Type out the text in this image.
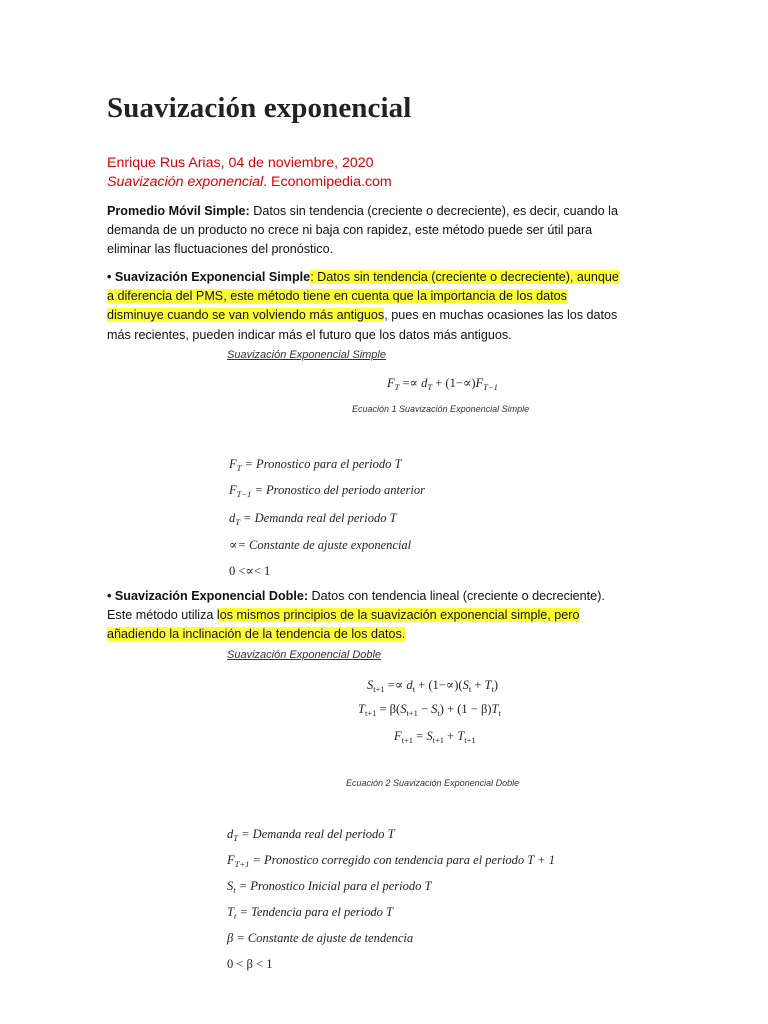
Suavización exponencial
Enrique Rus Arias, 04 de noviembre, 2020
Suavización exponencial. Economipedia.com

Promedio Móvil Simple: Datos sin tendencia (creciente o decreciente), es decir, cuando la demanda de un producto no crece ni baja con rapidez, este método puede ser útil para eliminar las fluctuaciones del pronóstico.

• Suavización Exponencial Simple: Datos sin tendencia (creciente o decreciente), aunque a diferencia del PMS, este método tiene en cuenta que la importancia de los datos disminuye cuando se van volviendo más antiguos, pues en muchas ocasiones las los datos más recientes, pueden indicar más el futuro que los datos más antiguos.

Suavización Exponencial Simple
$F_T =\propto d_T + (1-\propto)F_{T-1}$
Ecuación 1 Suavización Exponencial Simple
$F_T$ = Pronostico para el periodo T
$F_{T-1}$ = Pronostico del periodo anterior
$d_T$ = Demanda real del periodo T
∝= Constante de ajuste exponencial
0 <∝< 1

• Suavización Exponencial Doble: Datos con tendencia lineal (creciente o decreciente). Este método utiliza los mismos principios de la suavización exponencial simple, pero añadiendo la inclinación de la tendencia de los datos.

Suavización Exponencial Doble
$S_{t+1} =\propto d_t + (1-\propto)(S_t + T_t)$
$T_{t+1} = \beta(S_{t+1} - S_t) + (1 - \beta)T_t$
$F_{t+1} = S_{t+1} + T_{t+1}$
Ecuación 2 Suavización Exponencial Doble
$d_T$ = Demanda real del periodo T
$F_{T+1}$ = Pronostico corregido con tendencia para el periodo T + 1
$S_t$ = Pronostico Inicial para el periodo T
$T_t$ = Tendencia para el periodo T
β = Constante de ajuste de tendencia
0 < β < 1
